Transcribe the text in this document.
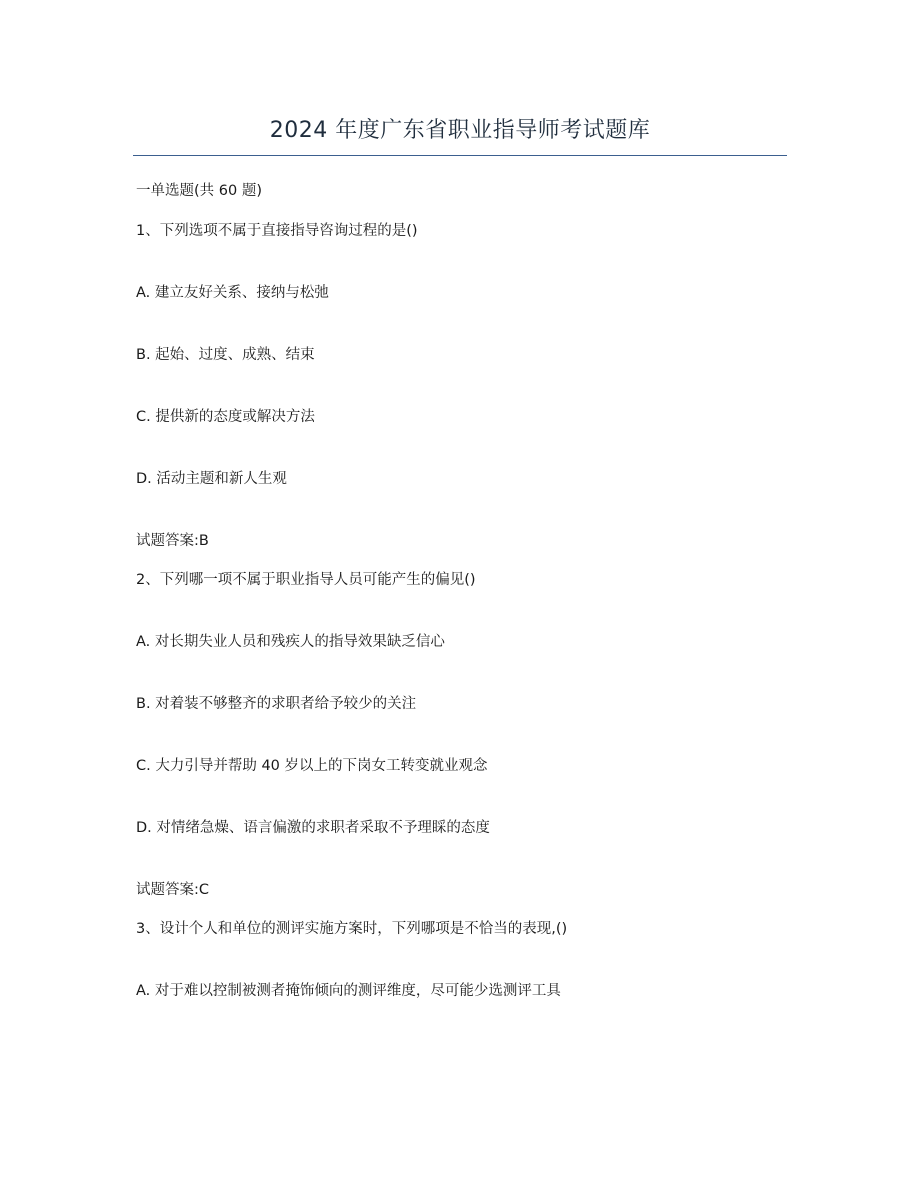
2024 年度广东省职业指导师考试题库
一单选题(共 60 题)
1、下列选项不属于直接指导咨询过程的是()
A. 建立友好关系、接纳与松弛
B. 起始、过度、成熟、结束
C. 提供新的态度或解决方法
D. 活动主题和新人生观
试题答案:B
2、下列哪一项不属于职业指导人员可能产生的偏见()
A. 对长期失业人员和残疾人的指导效果缺乏信心
B. 对着装不够整齐的求职者给予较少的关注
C. 大力引导并帮助 40 岁以上的下岗女工转变就业观念
D. 对情绪急燥、语言偏激的求职者采取不予理睬的态度
试题答案:C
3、设计个人和单位的测评实施方案时，下列哪项是不恰当的表现,()
A. 对于难以控制被测者掩饰倾向的测评维度，尽可能少选测评工具
